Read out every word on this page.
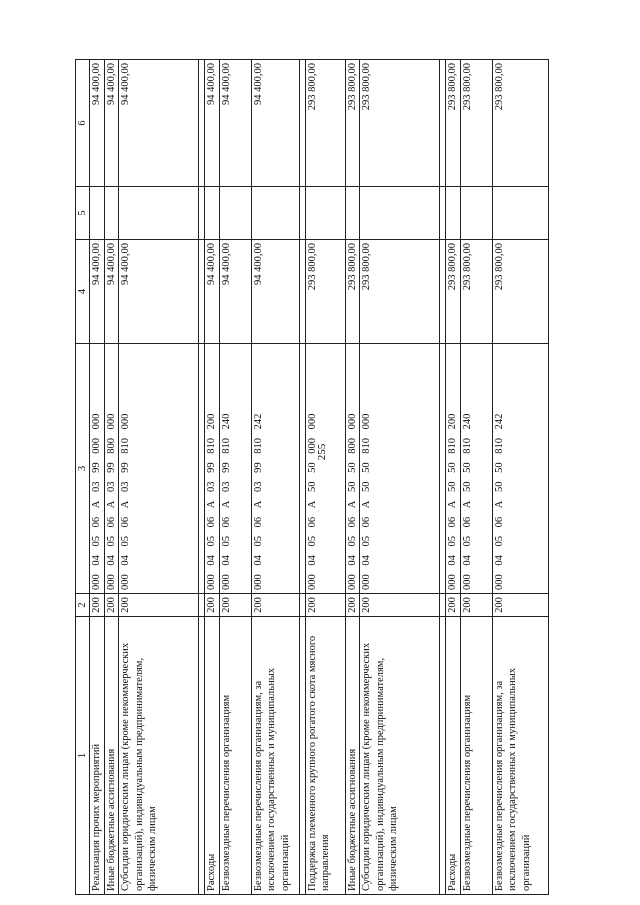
255
1	2	3	4	5	6
Реализация прочих мероприятий	200	000 04 05 06 А 03 99 000 000	94 400,00		94 400,00
Иные бюджетные ассигнования	200	000 04 05 06 А 03 99 800 000	94 400,00		94 400,00
Субсидии юридическим лицам (кроме некоммерческих организаций), индивидуальным предпринимателям, физическим лицам	200	000 04 05 06 А 03 99 810 000	94 400,00		94 400,00

Расходы	200	000 04 05 06 А 03 99 810 200	94 400,00		94 400,00
Безвозмездные перечисления организациям	200	000 04 05 06 А 03 99 810 240	94 400,00		94 400,00
Безвозмездные перечисления организациям, за исключением государственных и муниципальных организаций	200	000 04 05 06 А 03 99 810 242	94 400,00		94 400,00

Поддержка племенного крупного рогатого скота мясного направления	200	000 04 05 06 А 50 50 000 000	293 800,00		293 800,00
Иные бюджетные ассигнования	200	000 04 05 06 А 50 50 800 000	293 800,00		293 800,00
Субсидии юридическим лицам (кроме некоммерческих организаций), индивидуальным предпринимателям, физическим лицам	200	000 04 05 06 А 50 50 810 000	293 800,00		293 800,00

Расходы	200	000 04 05 06 А 50 50 810 200	293 800,00		293 800,00
Безвозмездные перечисления организациям	200	000 04 05 06 А 50 50 810 240	293 800,00		293 800,00
Безвозмездные перечисления организациям, за исключением государственных и муниципальных организаций	200	000 04 05 06 А 50 50 810 242	293 800,00		293 800,00
